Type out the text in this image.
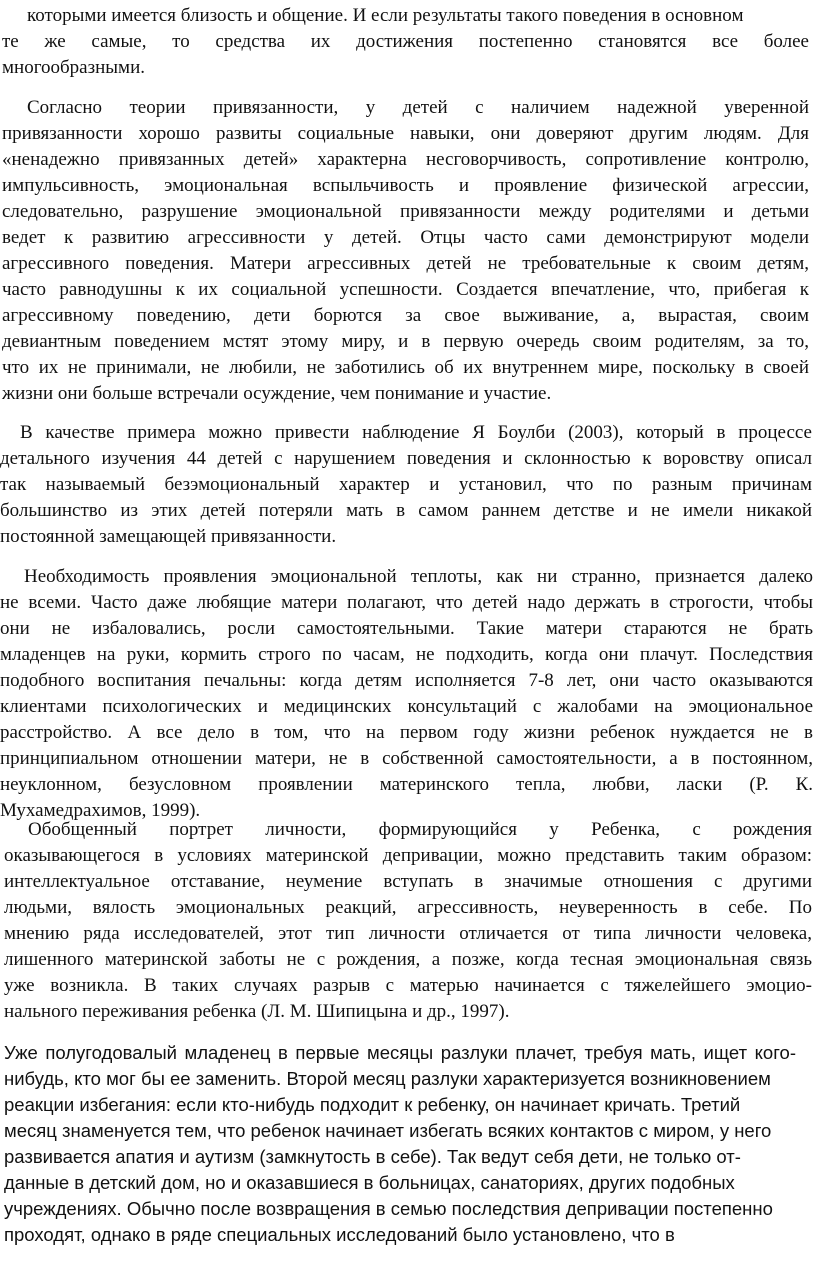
которыми имеется близость и общение. И если результаты такого поведения в основном
те же самые, то средства их достижения постепенно становятся все более
многообразными.
Согласно теории привязанности, у детей с наличием надежной уверенной
привязанности хорошо развиты социальные навыки, они доверяют другим людям. Для
«ненадежно привязанных детей» характерна несговорчивость, сопротивление контролю,
импульсивность, эмоциональная вспыльчивость и проявление физической агрессии,
следовательно, разрушение эмоциональной привязанности между родителями и детьми
ведет к развитию агрессивности у детей. Отцы часто сами демонстрируют модели
агрессивного поведения. Матери агрессивных детей не требовательные к своим детям,
часто равнодушны к их социальной успешности. Создается впечатление, что, прибегая к
агрессивному поведению, дети борются за свое выживание, а, вырастая, своим
девиантным поведением мстят этому миру, и в первую очередь своим родителям, за то,
что их не принимали, не любили, не заботились об их внутреннем мире, поскольку в своей
жизни они больше встречали осуждение, чем понимание и участие.
В качестве примера можно привести наблюдение Я Боулби (2003), который в процессе
детального изучения 44 детей с нарушением поведения и склонностью к воровству описал
так называемый безэмоциональный характер и установил, что по разным причинам
большинство из этих детей потеряли мать в самом раннем детстве и не имели никакой
постоянной замещающей привязанности.
Необходимость проявления эмоциональной теплоты, как ни странно, признается далеко
не всеми. Часто даже любящие матери полагают, что детей надо держать в строгости, чтобы
они не избаловались, росли самостоятельными. Такие матери стараются не брать
младенцев на руки, кормить строго по часам, не подходить, когда они плачут. Последствия
подобного воспитания печальны: когда детям исполняется 7-8 лет, они часто оказываются
клиентами психологических и медицинских консультаций с жалобами на эмоциональное
расстройство. А все дело в том, что на первом году жизни ребенок нуждается не в
принципиальном отношении матери, не в собственной самостоятельности, а в постоянном,
неуклонном, безусловном проявлении материнского тепла, любви, ласки (Р. К.
Мухамедрахимов, 1999).
Обобщенный портрет личности, формирующийся у Ребенка, с рождения
оказывающегося в условиях материнской депривации, можно представить таким образом:
интеллектуальное отставание, неумение вступать в значимые отношения с другими
людьми, вялость эмоциональных реакций, агрессивность, неуверенность в себе. По
мнению ряда исследователей, этот тип личности отличается от типа личности человека,
лишенного материнской заботы не с рождения, а позже, когда тесная эмоциональная связь
уже возникла. В таких случаях разрыв с матерью начинается с тяжелейшего эмоцио-
нального переживания ребенка (Л. М. Шипицына и др., 1997).
Уже полугодовалый младенец в первые месяцы разлуки плачет, требуя мать, ищет кого-
нибудь, кто мог бы ее заменить. Второй месяц разлуки характеризуется возникновением
реакции избегания: если кто-нибудь подходит к ребенку, он начинает кричать. Третий
месяц знаменуется тем, что ребенок начинает избегать всяких контактов с миром, у него
развивается апатия и аутизм (замкнутость в себе). Так ведут себя дети, не только от-
данные в детский дом, но и оказавшиеся в больницах, санаториях, других подобных
учреждениях. Обычно после возвращения в семью последствия депривации постепенно
проходят, однако в ряде специальных исследований было установлено, что в
